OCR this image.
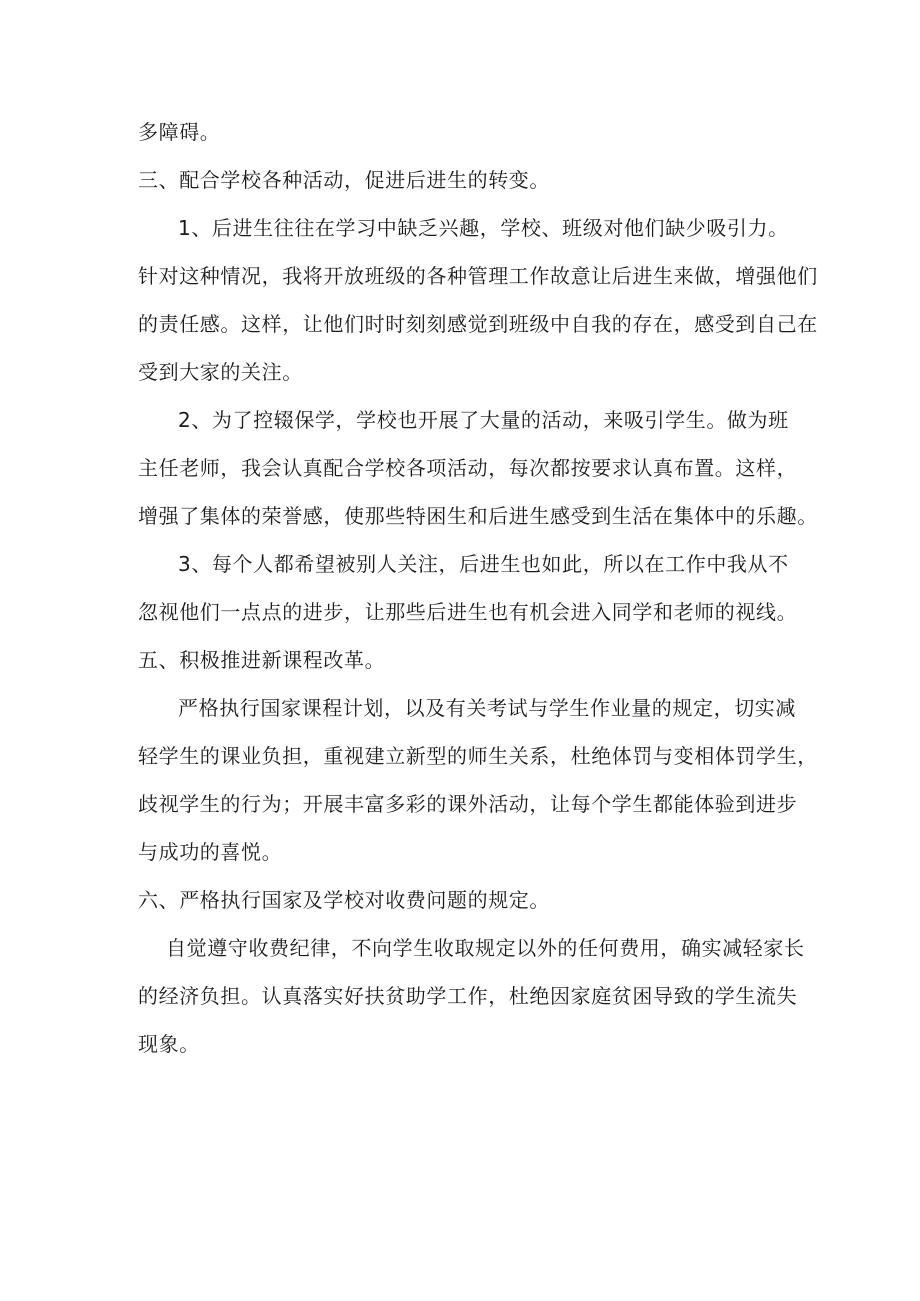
多障碍。
三、配合学校各种活动，促进后进生的转变。
1、后进生往往在学习中缺乏兴趣，学校、班级对他们缺少吸引力。
针对这种情况，我将开放班级的各种管理工作故意让后进生来做，增强他们
的责任感。这样，让他们时时刻刻感觉到班级中自我的存在，感受到自己在
受到大家的关注。
2、为了控辍保学，学校也开展了大量的活动，来吸引学生。做为班
主任老师，我会认真配合学校各项活动，每次都按要求认真布置。这样，
增强了集体的荣誉感，使那些特困生和后进生感受到生活在集体中的乐趣。
3、每个人都希望被别人关注，后进生也如此，所以在工作中我从不
忽视他们一点点的进步，让那些后进生也有机会进入同学和老师的视线。
五、积极推进新课程改革。
严格执行国家课程计划，以及有关考试与学生作业量的规定，切实减
轻学生的课业负担，重视建立新型的师生关系，杜绝体罚与变相体罚学生，
歧视学生的行为；开展丰富多彩的课外活动，让每个学生都能体验到进步
与成功的喜悦。
六、严格执行国家及学校对收费问题的规定。
自觉遵守收费纪律，不向学生收取规定以外的任何费用，确实减轻家长
的经济负担。认真落实好扶贫助学工作，杜绝因家庭贫困导致的学生流失
现象。
